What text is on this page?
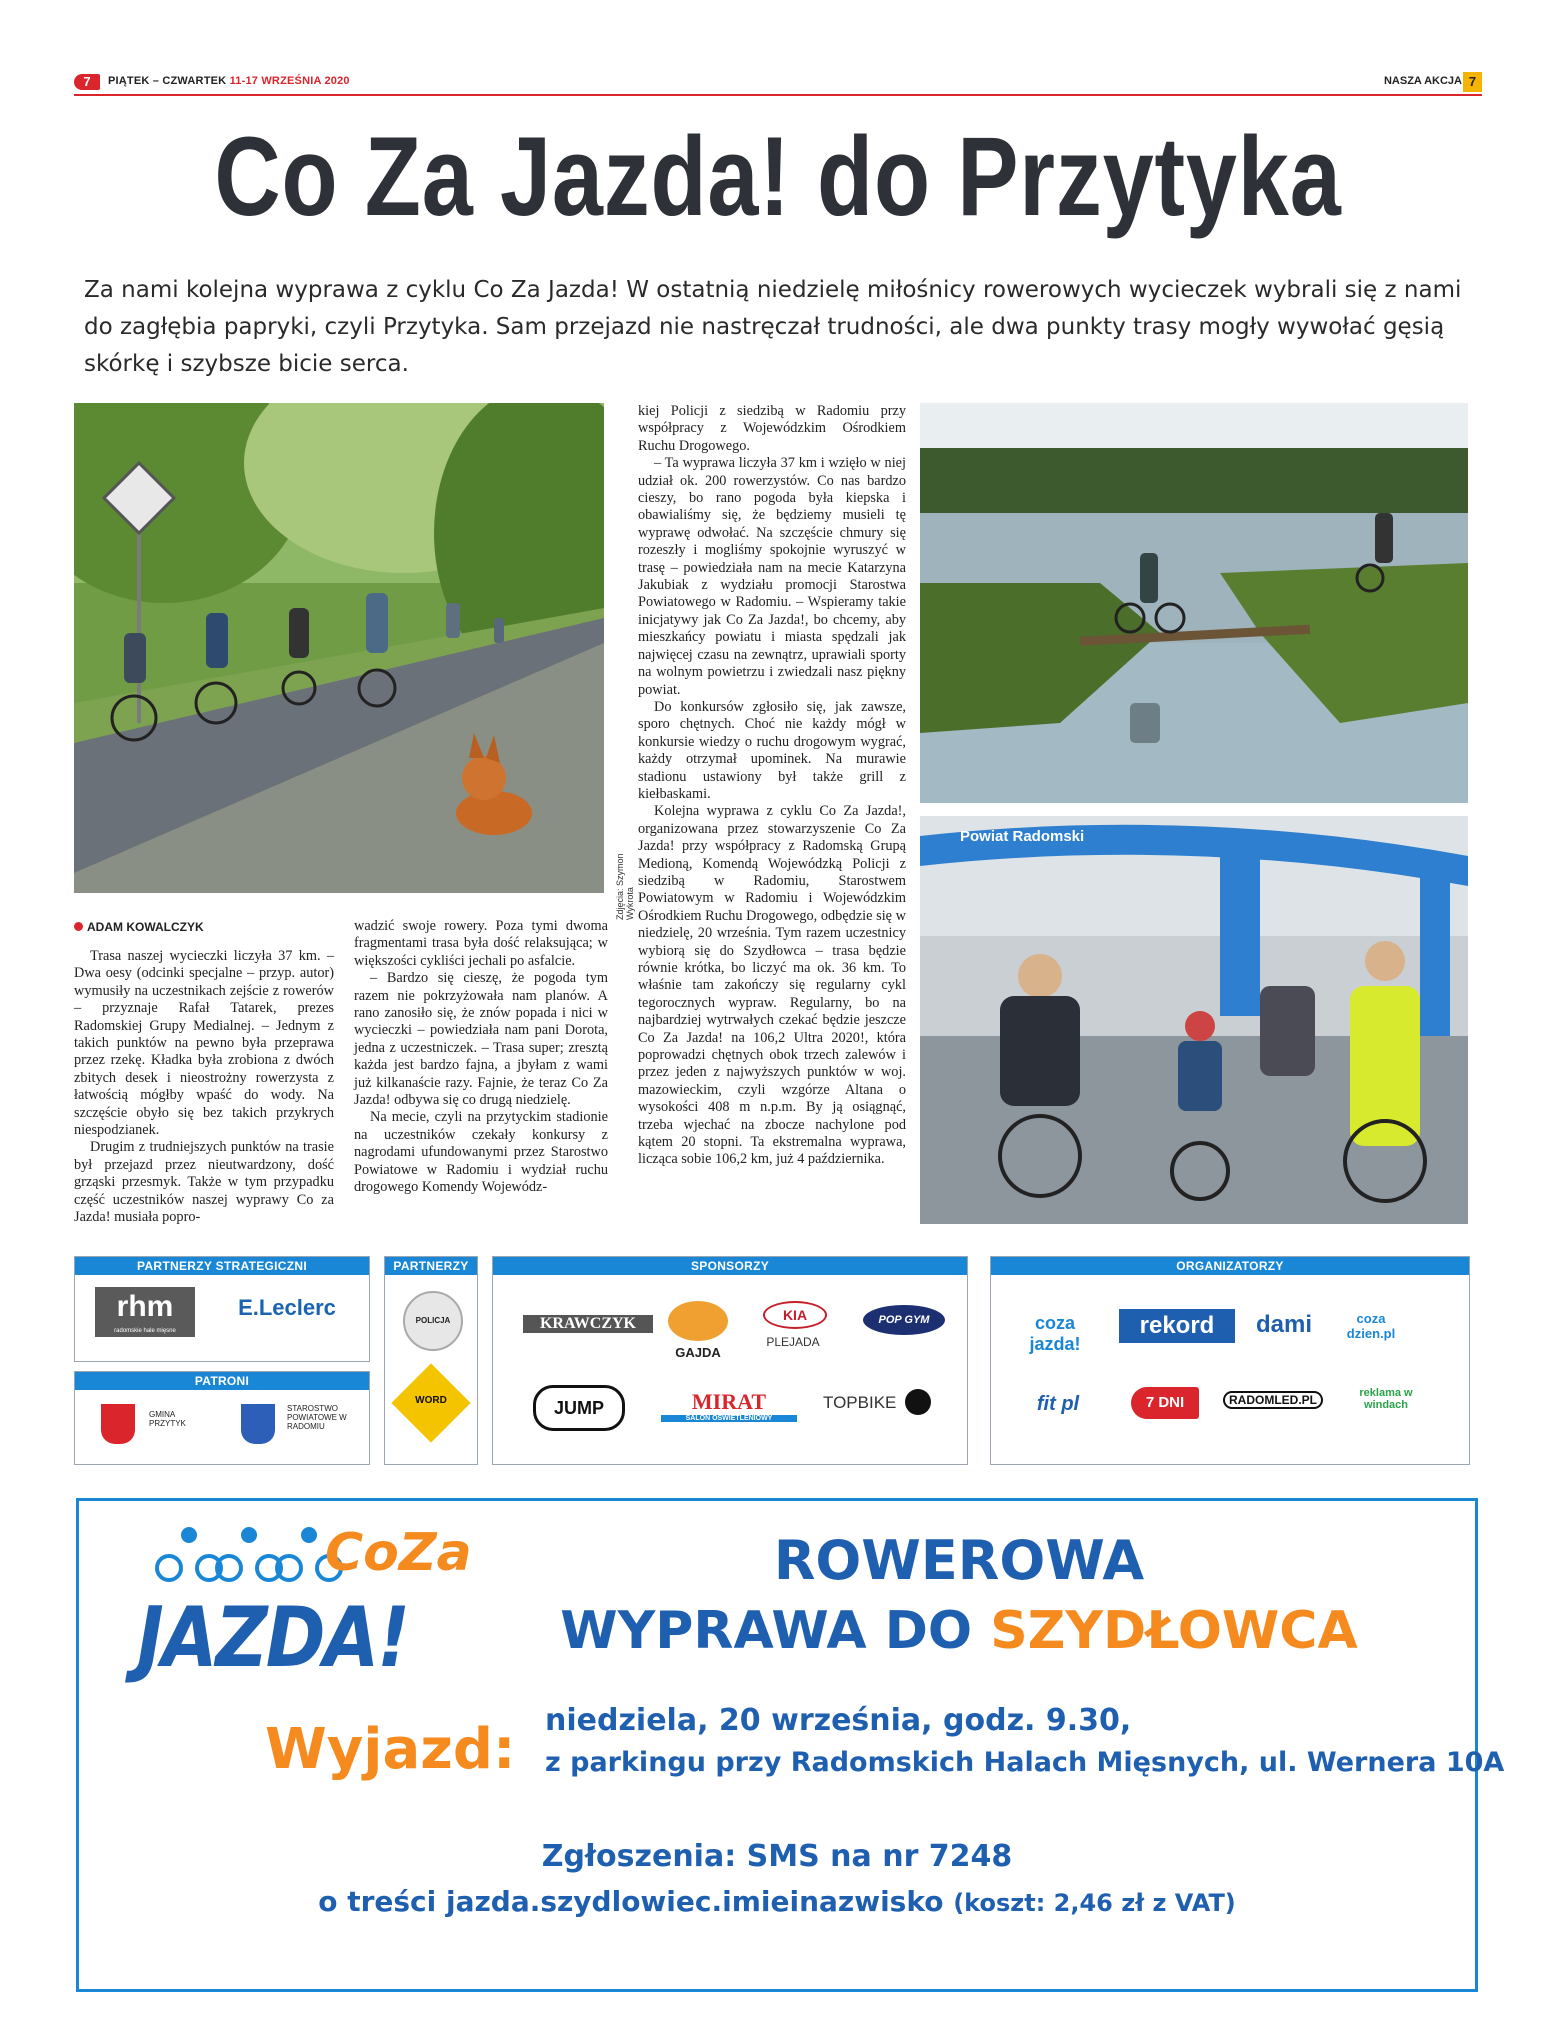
7	PIĄTEK – CZWARTEK 11-17 WRZEŚNIA 2020	NASZA AKCJA 7
Co Za Jazda! do Przytyka
Za nami kolejna wyprawa z cyklu Co Za Jazda! W ostatnią niedzielę miłośnicy rowerowych wycieczek wybrali się z nami do zagłębia papryki, czyli Przytyka. Sam przejazd nie nastręczał trudności, ale dwa punkty trasy mogły wywołać gęsią skórkę i szybsze bicie serca.
Zdjęcia: Szymon Wykrota
Powiat Radomski
ADAM KOWALCZYK

Trasa naszej wycieczki liczyła 37 km. – Dwa oesy (odcinki specjalne – przyp. autor) wymusiły na uczestnikach zejście z rowerów – przyznaje Rafał Tatarek, prezes Radomskiej Grupy Medialnej. – Jednym z takich punktów na pewno była przeprawa przez rzekę. Kładka była zrobiona z dwóch zbitych desek i nieostrożny rowerzysta z łatwością mógłby wpaść do wody. Na szczęście obyło się bez takich przykrych niespodzianek.

Drugim z trudniejszych punktów na trasie był przejazd przez nieutwardzony, dość grząski przesmyk. Także w tym przypadku część uczestników naszej wyprawy Co za Jazda! musiała popro-

wadzić swoje rowery. Poza tymi dwoma fragmentami trasa była dość relaksująca; w większości cykliści jechali po asfalcie.

– Bardzo się cieszę, że pogoda tym razem nie pokrzyżowała nam planów. A rano zanosiło się, że znów popada i nici w wycieczki – powiedziała nam pani Dorota, jedna z uczestniczek. – Trasa super; zresztą każda jest bardzo fajna, a jbyłam z wami już kilkanaście razy. Fajnie, że teraz Co Za Jazda! odbywa się co drugą niedzielę.

Na mecie, czyli na przytyckim stadionie na uczestników czekały konkursy z nagrodami ufundowanymi przez Starostwo Powiatowe w Radomiu i wydział ruchu drogowego Komendy Wojewódz-

kiej Policji z siedzibą w Radomiu przy współpracy z Wojewódzkim Ośrodkiem Ruchu Drogowego.

– Ta wyprawa liczyła 37 km i wzięło w niej udział ok. 200 rowerzystów. Co nas bardzo cieszy, bo rano pogoda była kiepska i obawialiśmy się, że będziemy musieli tę wyprawę odwołać. Na szczęście chmury się rozeszły i mogliśmy spokojnie wyruszyć w trasę – powiedziała nam na mecie Katarzyna Jakubiak z wydziału promocji Starostwa Powiatowego w Radomiu. – Wspieramy takie inicjatywy jak Co Za Jazda!, bo chcemy, aby mieszkańcy powiatu i miasta spędzali jak najwięcej czasu na zewnątrz, uprawiali sporty na wolnym powietrzu i zwiedzali nasz piękny powiat.

Do konkursów zgłosiło się, jak zawsze, sporo chętnych. Choć nie każdy mógł w konkursie wiedzy o ruchu drogowym wygrać, każdy otrzymał upominek. Na murawie stadionu ustawiony był także grill z kiełbaskami.

Kolejna wyprawa z cyklu Co Za Jazda!, organizowana przez stowarzyszenie Co Za Jazda! przy współpracy z Radomską Grupą Medioną, Komendą Wojewódzką Policji z siedzibą w Radomiu, Starostwem Powiatowym w Radomiu i Wojewódzkim Ośrodkiem Ruchu Drogowego, odbędzie się w niedzielę, 20 września. Tym razem uczestnicy wybiorą się do Szydłowca – trasa będzie równie krótka, bo liczyć ma ok. 36 km. To właśnie tam zakończy się regularny cykl tegorocznych wypraw. Regularny, bo na najbardziej wytrwałych czekać będzie jeszcze Co Za Jazda! na 106,2 Ultra 2020!, która poprowadzi chętnych obok trzech zalewów i przez jeden z najwyższych punktów w woj. mazowieckim, czyli wzgórze Altana o wysokości 408 m n.p.m. By ją osiągnąć, trzeba wjechać na zbocze nachylone pod kątem 20 stopni. Ta ekstremalna wyprawa, licząca sobie 106,2 km, już 4 października.

PARTNERZY STRATEGICZNI
rhm
radomskie hale mięsne
E.Leclerc
PATRONI
GMINA PRZYTYK
STAROSTWO POWIATOWE W RADOMIU
PARTNERZY
POLICJA
WORD
SPONSORZY
KRAWCZYK
GAJDA
KIA
PLEJADA
POP GYM
JUMP	MIRAT
SALON OŚWIETLENIOWY
TOPBIKE
ORGANIZATORZY
coza jazda!
rekord	dami	coza dzien.pl
fit pl	7 DNI	RADOMLED.PL	reklama w windach
CoZa
JAZDA!
ROWEROWA
WYPRAWA DO SZYDŁOWCA
Wyjazd: niedziela, 20 września, godz. 9.30,
z parkingu przy Radomskich Halach Mięsnych, ul. Wernera 10A
Zgłoszenia: SMS na nr 7248
o treści jazda.szydlowiec.imieinazwisko (koszt: 2,46 zł z VAT)
